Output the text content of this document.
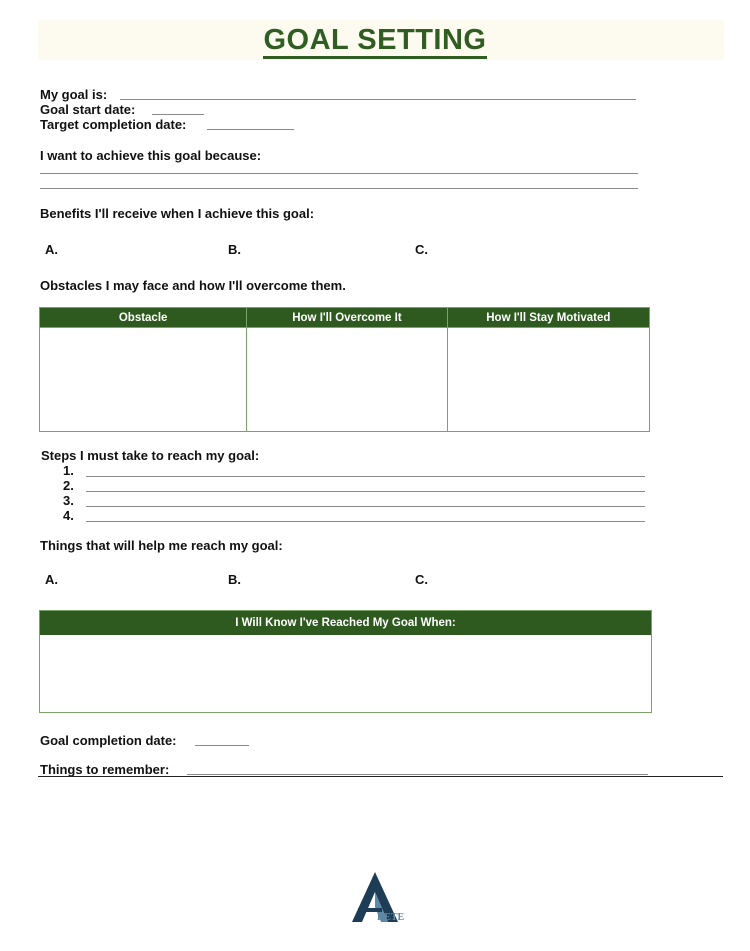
GOAL SETTING
My goal is:
Goal start date:
Target completion date:
I want to achieve this goal because:
Benefits I'll receive when I achieve this goal:
A.	B.	C.
Obstacles I may face and how I'll overcome them.
Obstacle	How I'll Overcome It	How I'll Stay Motivated

Steps I must take to reach my goal:
1.
2.
3.
4.
Things that will help me reach my goal:
A.	B.	C.
I Will Know I've Reached My Goal When:
Goal completion date:
Things to remember:
RETE
